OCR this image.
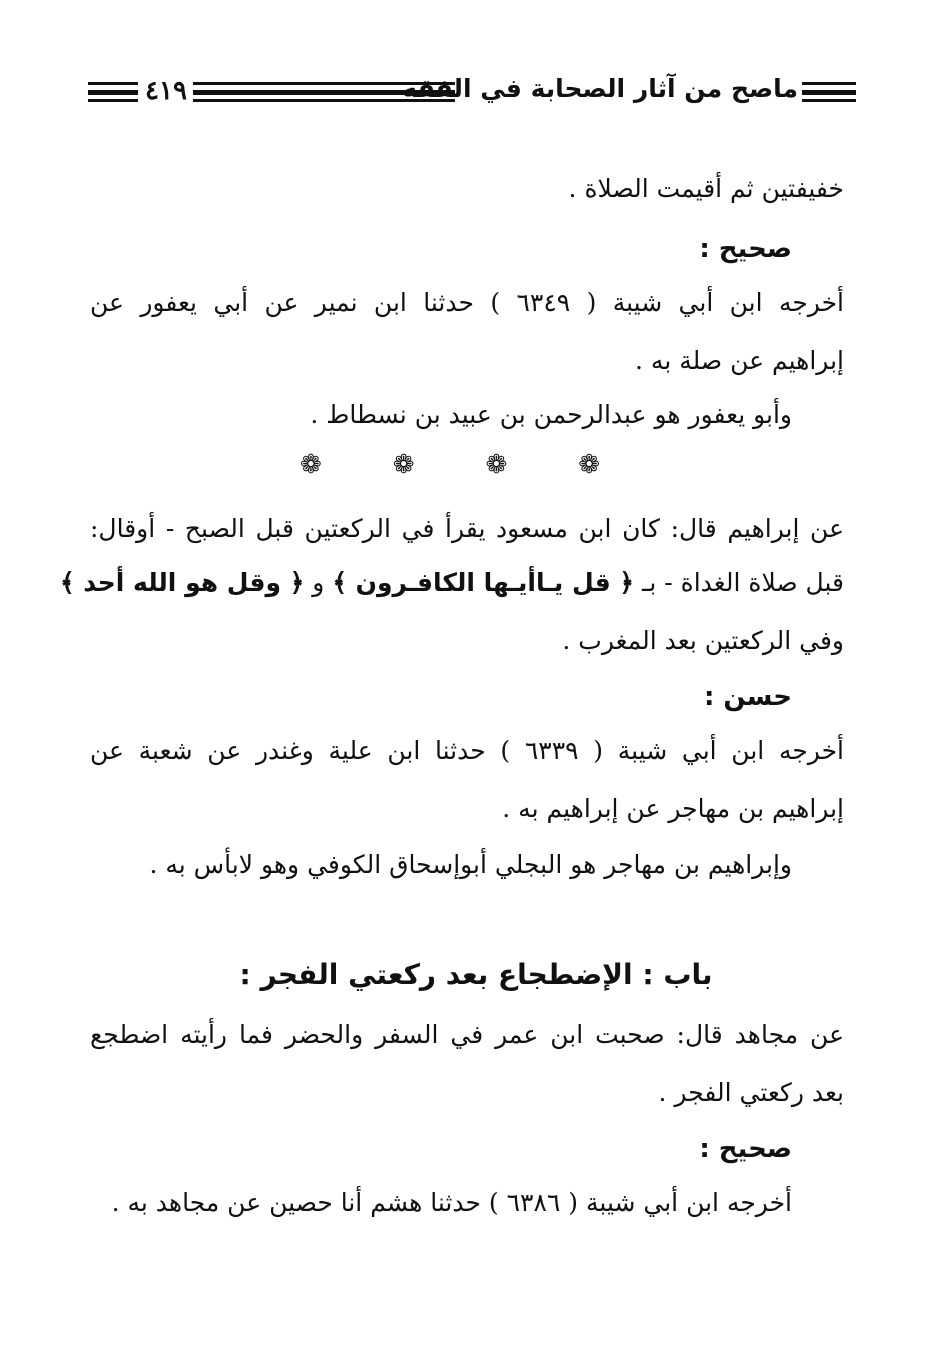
٤١٩	ماصح من آثار الصحابة في الفقه
خفيفتين ثم أقيمت الصلاة .
صحيح :
أخرجه ابن أبي شيبة ( ٦٣٤٩ ) حدثنا ابن نمير عن أبي يعفور عن
إبراهيم عن صلة به .
وأبو يعفور هو عبدالرحمن بن عبيد بن نسطاط .
❁	❁	❁	❁
عن إبراهيم قال: كان ابن مسعود يقرأ في الركعتين قبل الصبح - أوقال:
قبل صلاة الغداة - بـ ﴿ قل يـاأيـها الكافـرون ﴾ و ﴿ وقل هو الله أحد ﴾
وفي الركعتين بعد المغرب .
حسن :
أخرجه ابن أبي شيبة ( ٦٣٣٩ ) حدثنا ابن علية وغندر عن شعبة عن
إبراهيم بن مهاجر عن إبراهيم به .
وإبراهيم بن مهاجر هو البجلي أبوإسحاق الكوفي وهو لابأس به .
باب : الإضطجاع بعد ركعتي الفجر :
عن مجاهد قال: صحبت ابن عمر في السفر والحضر فما رأيته اضطجع
بعد ركعتي الفجر .
صحيح :
أخرجه ابن أبي شيبة ( ٦٣٨٦ ) حدثنا هشم أنا حصين عن مجاهد به .
